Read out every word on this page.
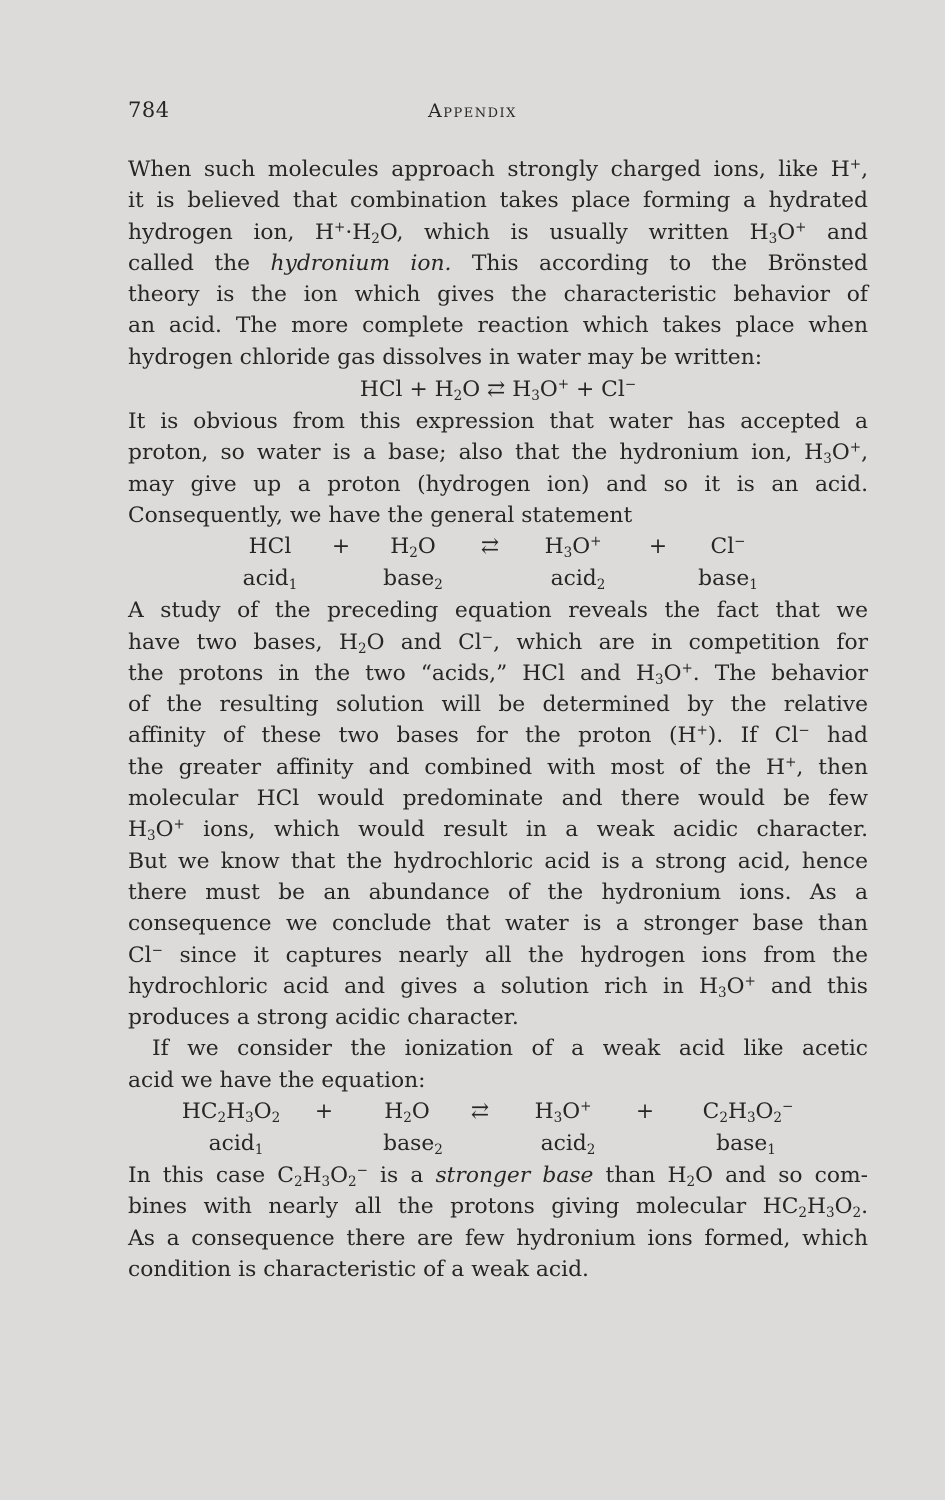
784	Appendix
When such molecules approach strongly charged ions, like H+,
it is believed that combination takes place forming a hydrated
hydrogen ion, $H^+\cdot H_2O$, which is usually written $H_3O^+$ and
called the hydronium ion. This according to the Brönsted
theory is the ion which gives the characteristic behavior of
an acid. The more complete reaction which takes place when
hydrogen chloride gas dissolves in water may be written:
HCl + $H_2O$ ⇄ $H_3O^+ + Cl^-$
It is obvious from this expression that water has accepted a
proton, so water is a base; also that the hydronium ion, $H_3O^+$,
may give up a proton (hydrogen ion) and so it is an acid.
Consequently, we have the general statement
HCl + $H_2O$ ⇄ $H_3O^+ + Cl^-$
acid$_1$	base$_2$	acid$_2$	base$_1$
A study of the preceding equation reveals the fact that we
have two bases, $H_2O$ and Cl−, which are in competition for
the protons in the two “acids,” HCl and $H_3O^+$. The behavior
of the resulting solution will be determined by the relative
affinity of these two bases for the proton (H+). If Cl− had
the greater affinity and combined with most of the H+, then
molecular HCl would predominate and there would be few
$H_3O^+$ ions, which would result in a weak acidic character.
But we know that the hydrochloric acid is a strong acid, hence
there must be an abundance of the hydronium ions. As a
consequence we conclude that water is a stronger base than
Cl− since it captures nearly all the hydrogen ions from the
hydrochloric acid and gives a solution rich in $H_3O^+$ and this
produces a strong acidic character.
If we consider the ionization of a weak acid like acetic
acid we have the equation:
$HC_2H_3O_2 + H_2O$ ⇄ $H_3O^+ + C_2H_3O_2^-$
acid$_1$	base$_2$	acid$_2$	base$_1$
In this case $C_2H_3O_2^-$ is a stronger base than $H_2O$ and so com-
bines with nearly all the protons giving molecular $HC_2H_3O_2$.
As a consequence there are few hydronium ions formed, which
condition is characteristic of a weak acid.
